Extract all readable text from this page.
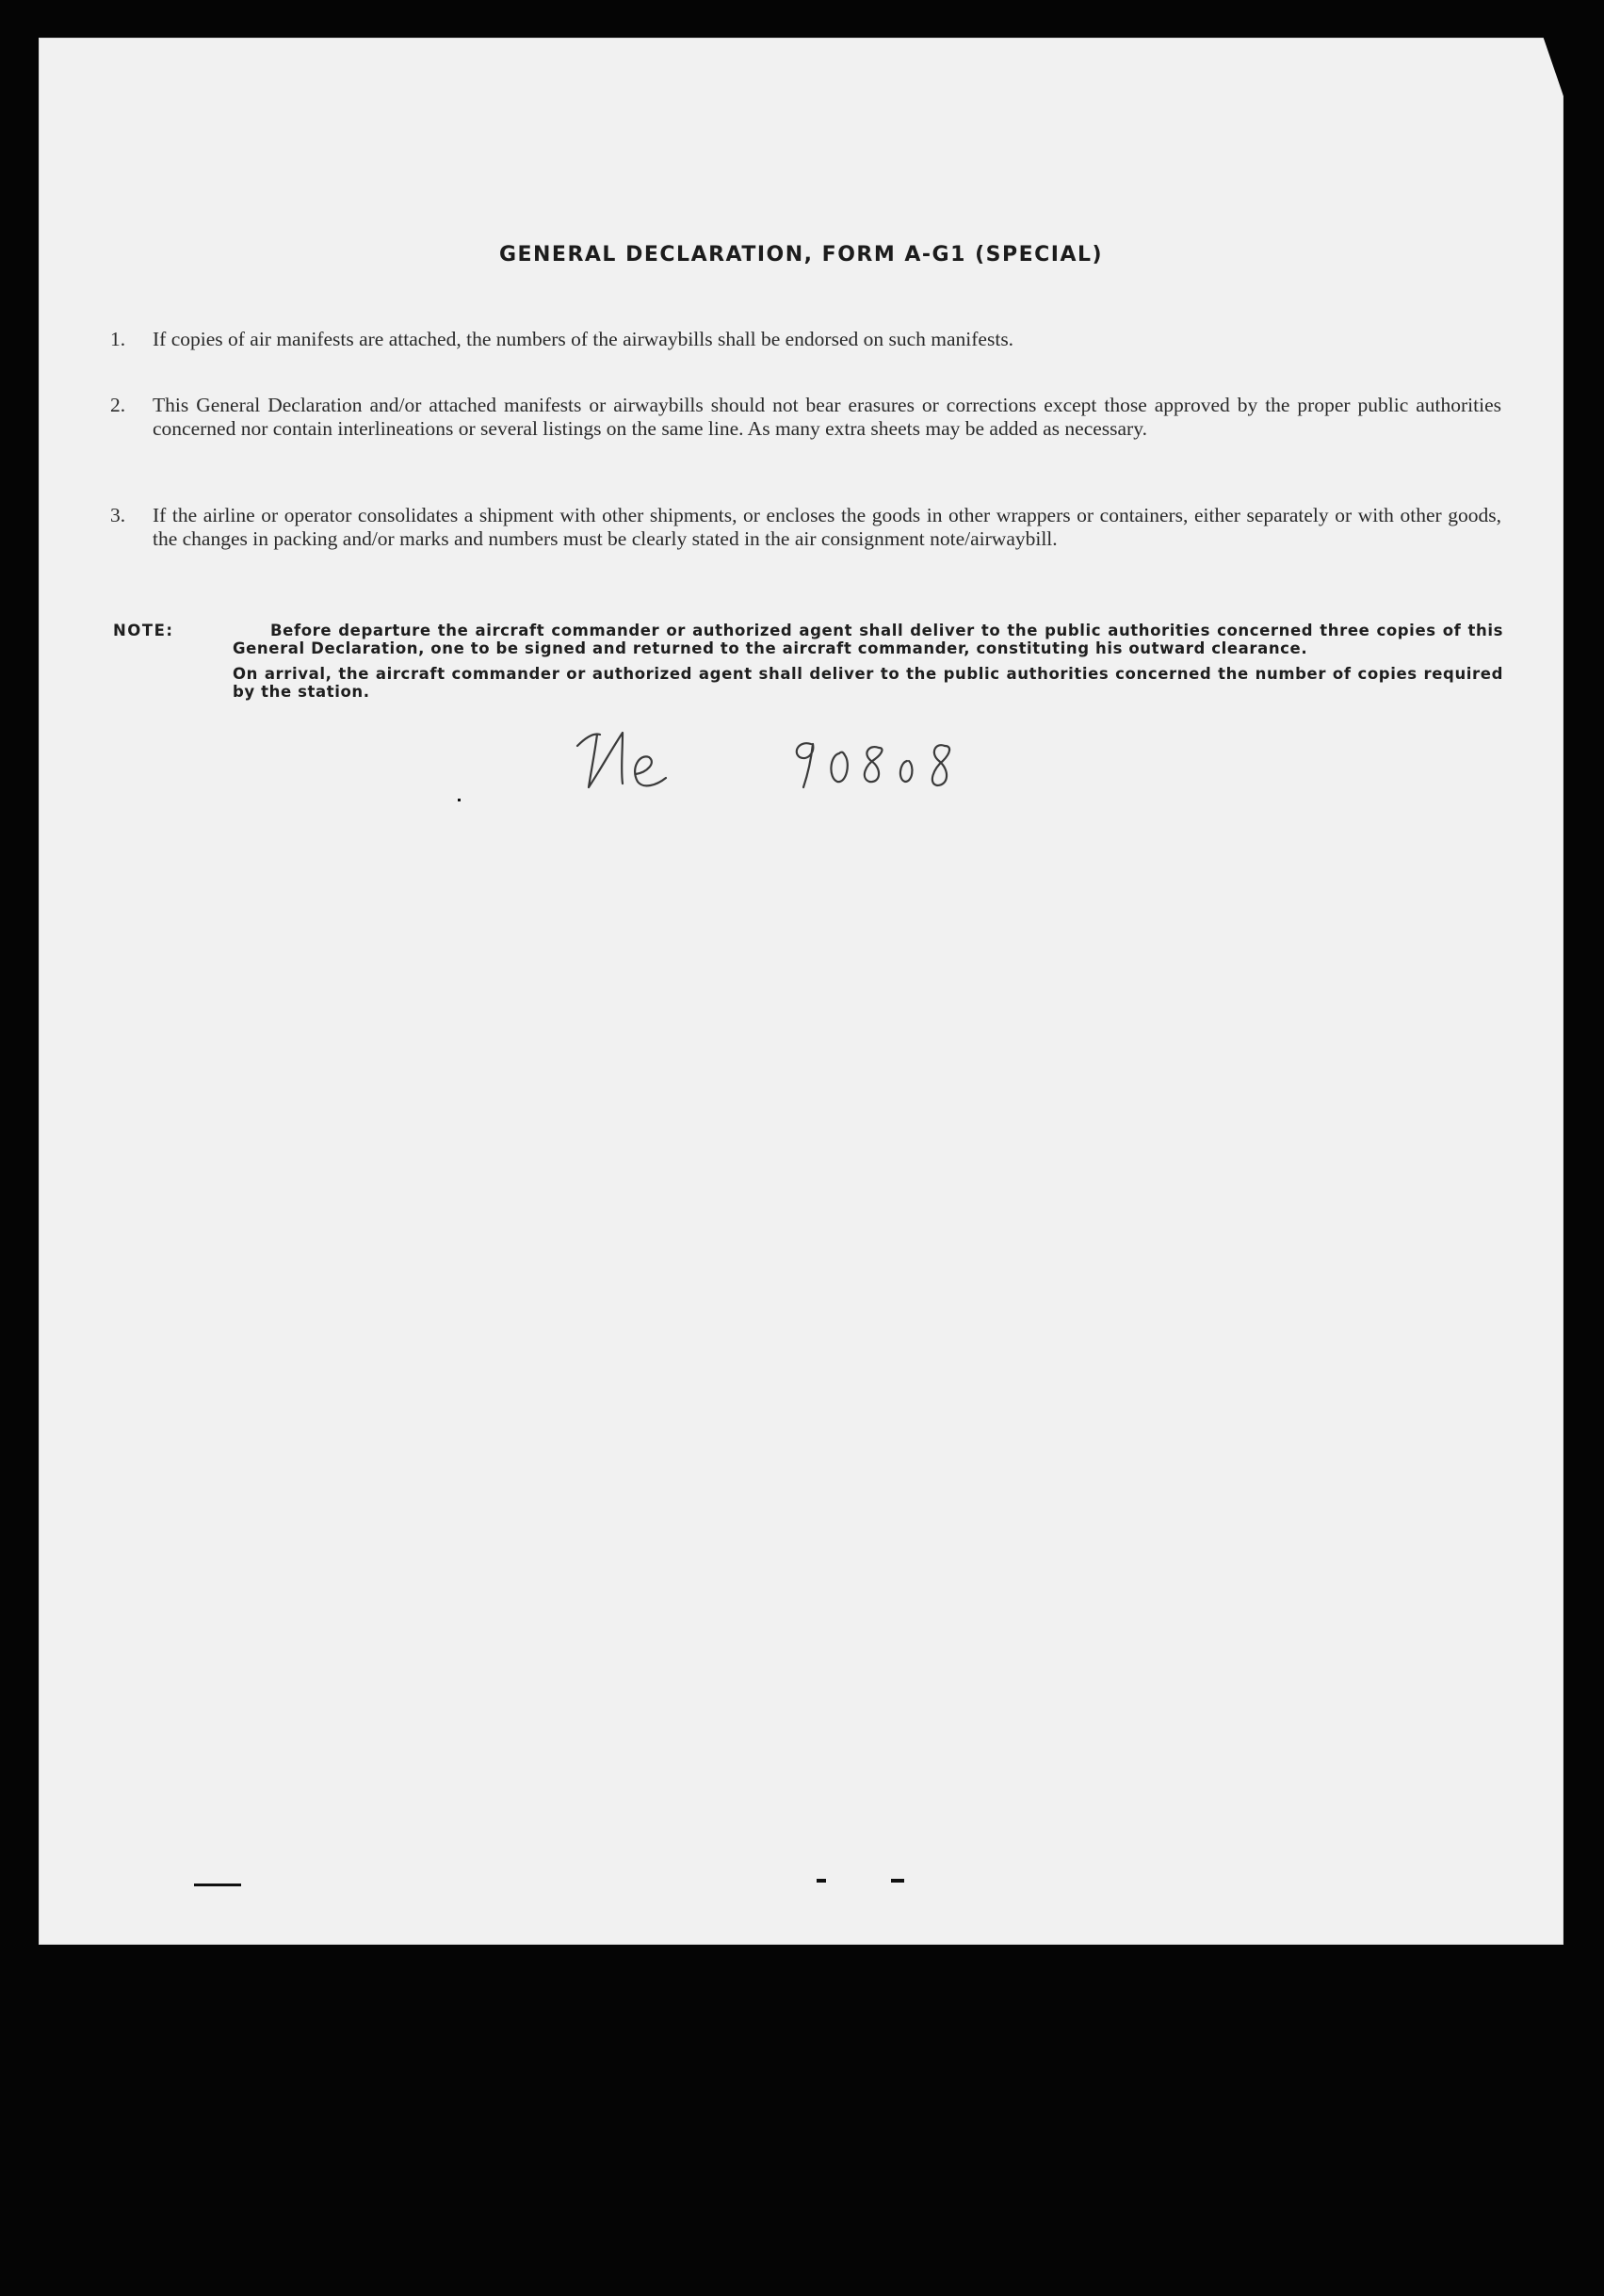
GENERAL DECLARATION, FORM A-G1 (SPECIAL)
1. If copies of air manifests are attached, the numbers of the airwaybills shall be endorsed on such manifests.
2. This General Declaration and/or attached manifests or airwaybills should not bear erasures or corrections except those approved by the proper public authorities concerned nor contain interlineations or several listings on the same line. As many extra sheets may be added as necessary.
3. If the airline or operator consolidates a shipment with other shipments, or encloses the goods in other wrappers or containers, either separately or with other goods, the changes in packing and/or marks and numbers must be clearly stated in the air consignment note/airwaybill.
NOTE:	Before departure the aircraft commander or authorized agent shall deliver to the public authorities concerned three copies of this General Declaration, one to be signed and returned to the aircraft commander, constituting his outward clearance.
On arrival, the aircraft commander or authorized agent shall deliver to the public authorities concerned the number of copies required by the station.
